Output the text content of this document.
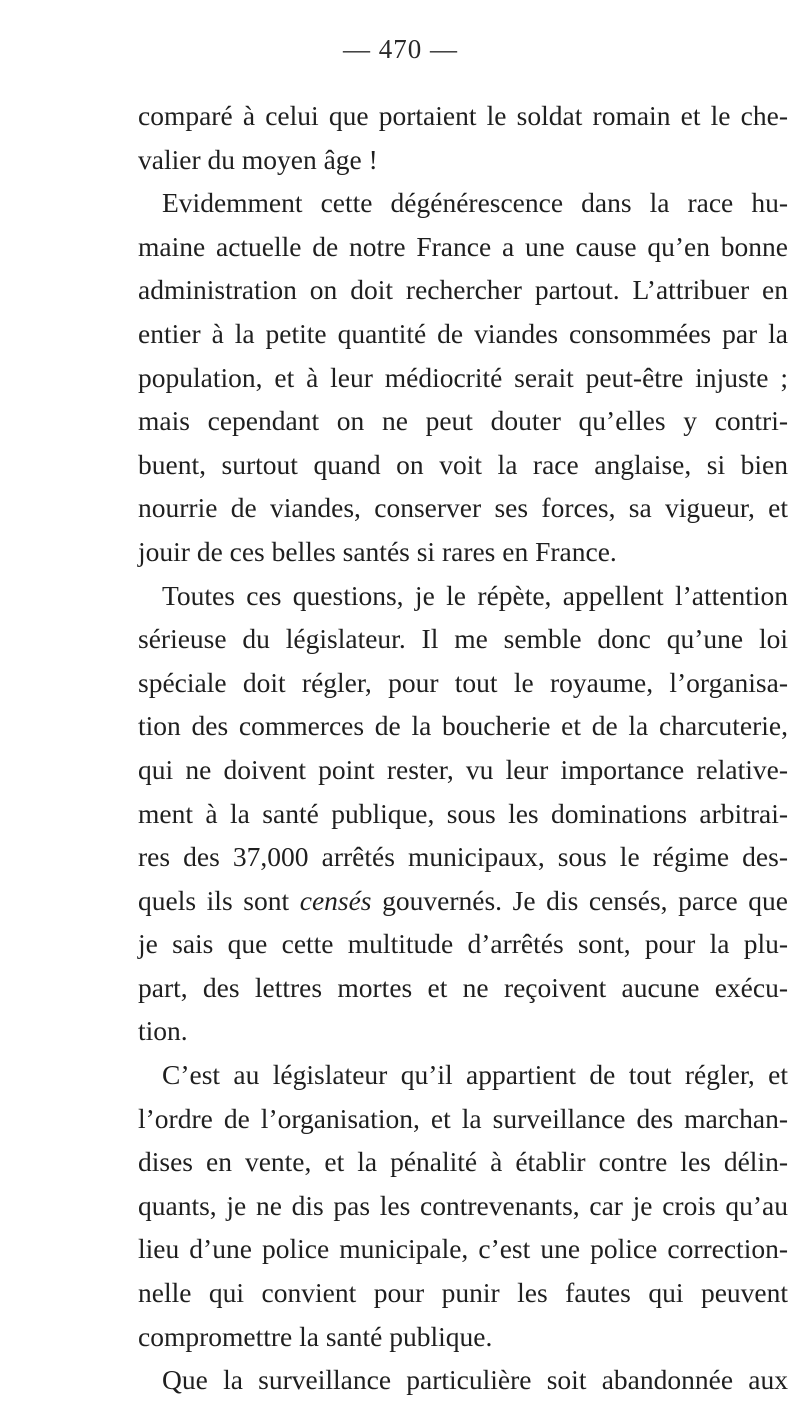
— 470 —
comparé à celui que portaient le soldat romain et le che-
valier du moyen âge !
Evidemment cette dégénérescence dans la race hu-
maine actuelle de notre France a une cause qu’en bonne
administration on doit rechercher partout. L’attribuer en
entier à la petite quantité de viandes consommées par la
population, et à leur médiocrité serait peut-être injuste ;
mais cependant on ne peut douter qu’elles y contri-
buent, surtout quand on voit la race anglaise, si bien
nourrie de viandes, conserver ses forces, sa vigueur, et
jouir de ces belles santés si rares en France.
Toutes ces questions, je le répète, appellent l’attention
sérieuse du législateur. Il me semble donc qu’une loi
spéciale doit régler, pour tout le royaume, l’organisa-
tion des commerces de la boucherie et de la charcuterie,
qui ne doivent point rester, vu leur importance relative-
ment à la santé publique, sous les dominations arbitrai-
res des 37,000 arrêtés municipaux, sous le régime des-
quels ils sont censés gouvernés. Je dis censés, parce que
je sais que cette multitude d’arrêtés sont, pour la plu-
part, des lettres mortes et ne reçoivent aucune exécu-
tion.
C’est au législateur qu’il appartient de tout régler, et
l’ordre de l’organisation, et la surveillance des marchan-
dises en vente, et la pénalité à établir contre les délin-
quants, je ne dis pas les contrevenants, car je crois qu’au
lieu d’une police municipale, c’est une police correction-
nelle qui convient pour punir les fautes qui peuvent
compromettre la santé publique.
Que la surveillance particulière soit abandonnée aux
